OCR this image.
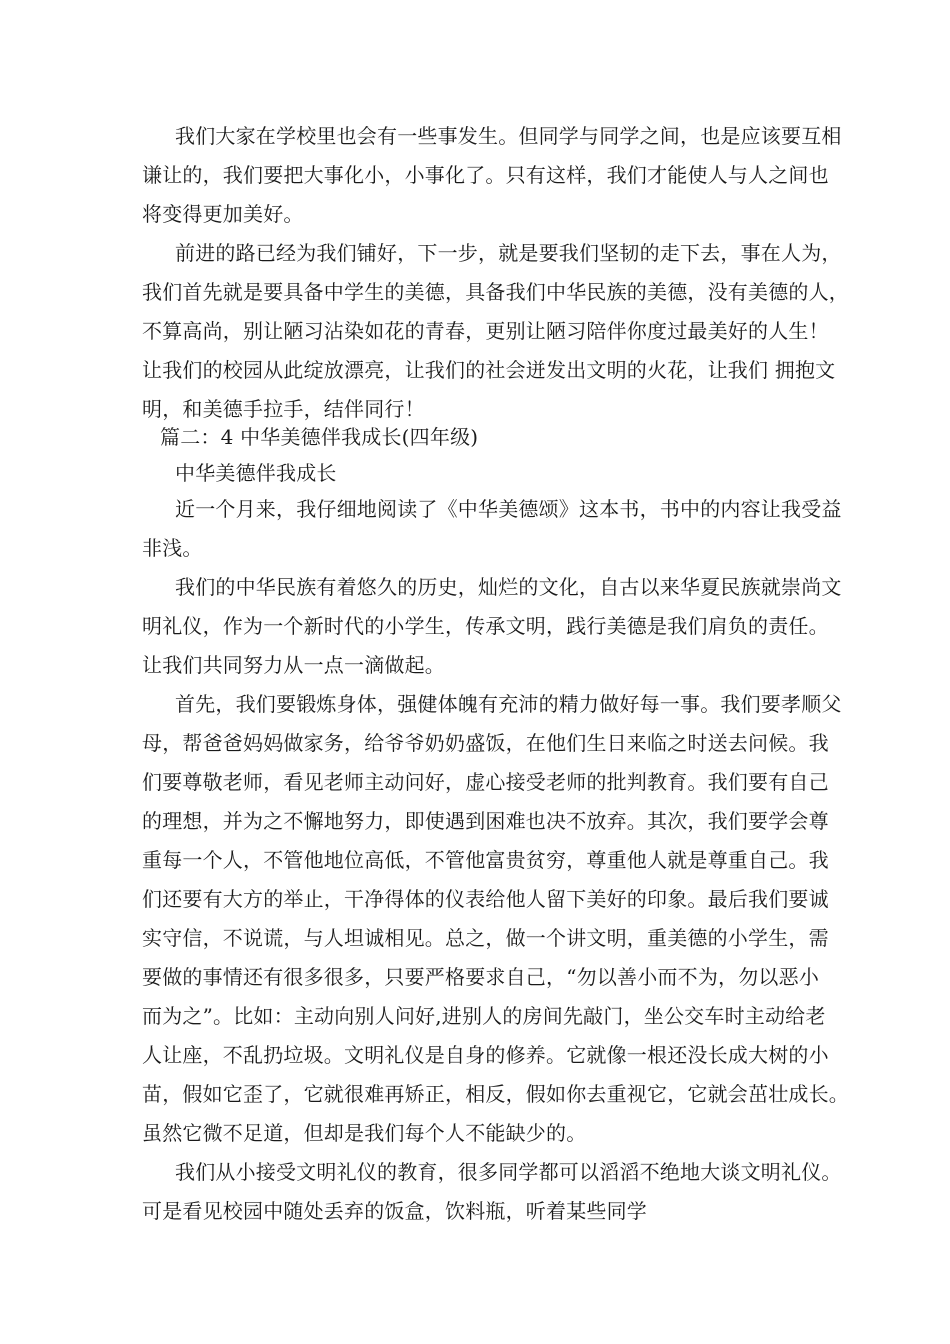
我们大家在学校里也会有一些事发生。但同学与同学之间，也是应该要互相
谦让的，我们要把大事化小，小事化了。只有这样，我们才能使人与人之间也
将变得更加美好。
前进的路已经为我们铺好，下一步，就是要我们坚韧的走下去，事在人为，
我们首先就是要具备中学生的美德，具备我们中华民族的美德，没有美德的人，
不算高尚，别让陋习沾染如花的青春，更别让陋习陪伴你度过最美好的人生！
让我们的校园从此绽放漂亮，让我们的社会迸发出文明的火花，让我们 拥抱文
明，和美德手拉手，结伴同行！
篇二：4 中华美德伴我成长(四年级)
中华美德伴我成长
近一个月来，我仔细地阅读了《中华美德颂》这本书，书中的内容让我受益
非浅。
我们的中华民族有着悠久的历史，灿烂的文化，自古以来华夏民族就崇尚文
明礼仪，作为一个新时代的小学生，传承文明，践行美德是我们肩负的责任。
让我们共同努力从一点一滴做起。
首先，我们要锻炼身体，强健体魄有充沛的精力做好每一事。我们要孝顺父
母，帮爸爸妈妈做家务，给爷爷奶奶盛饭，在他们生日来临之时送去问候。我
们要尊敬老师，看见老师主动问好，虚心接受老师的批判教育。我们要有自己
的理想，并为之不懈地努力，即使遇到困难也决不放弃。其次，我们要学会尊
重每一个人，不管他地位高低，不管他富贵贫穷，尊重他人就是尊重自己。我
们还要有大方的举止，干净得体的仪表给他人留下美好的印象。最后我们要诚
实守信，不说谎，与人坦诚相见。总之，做一个讲文明，重美德的小学生，需
要做的事情还有很多很多，只要严格要求自己，“勿以善小而不为，勿以恶小
而为之”。比如：主动向别人问好,进别人的房间先敲门，坐公交车时主动给老
人让座，不乱扔垃圾。文明礼仪是自身的修养。它就像一根还没长成大树的小
苗，假如它歪了，它就很难再矫正，相反，假如你去重视它，它就会茁壮成长。
虽然它微不足道，但却是我们每个人不能缺少的。
我们从小接受文明礼仪的教育，很多同学都可以滔滔不绝地大谈文明礼仪。
可是看见校园中随处丢弃的饭盒，饮料瓶，听着某些同学
